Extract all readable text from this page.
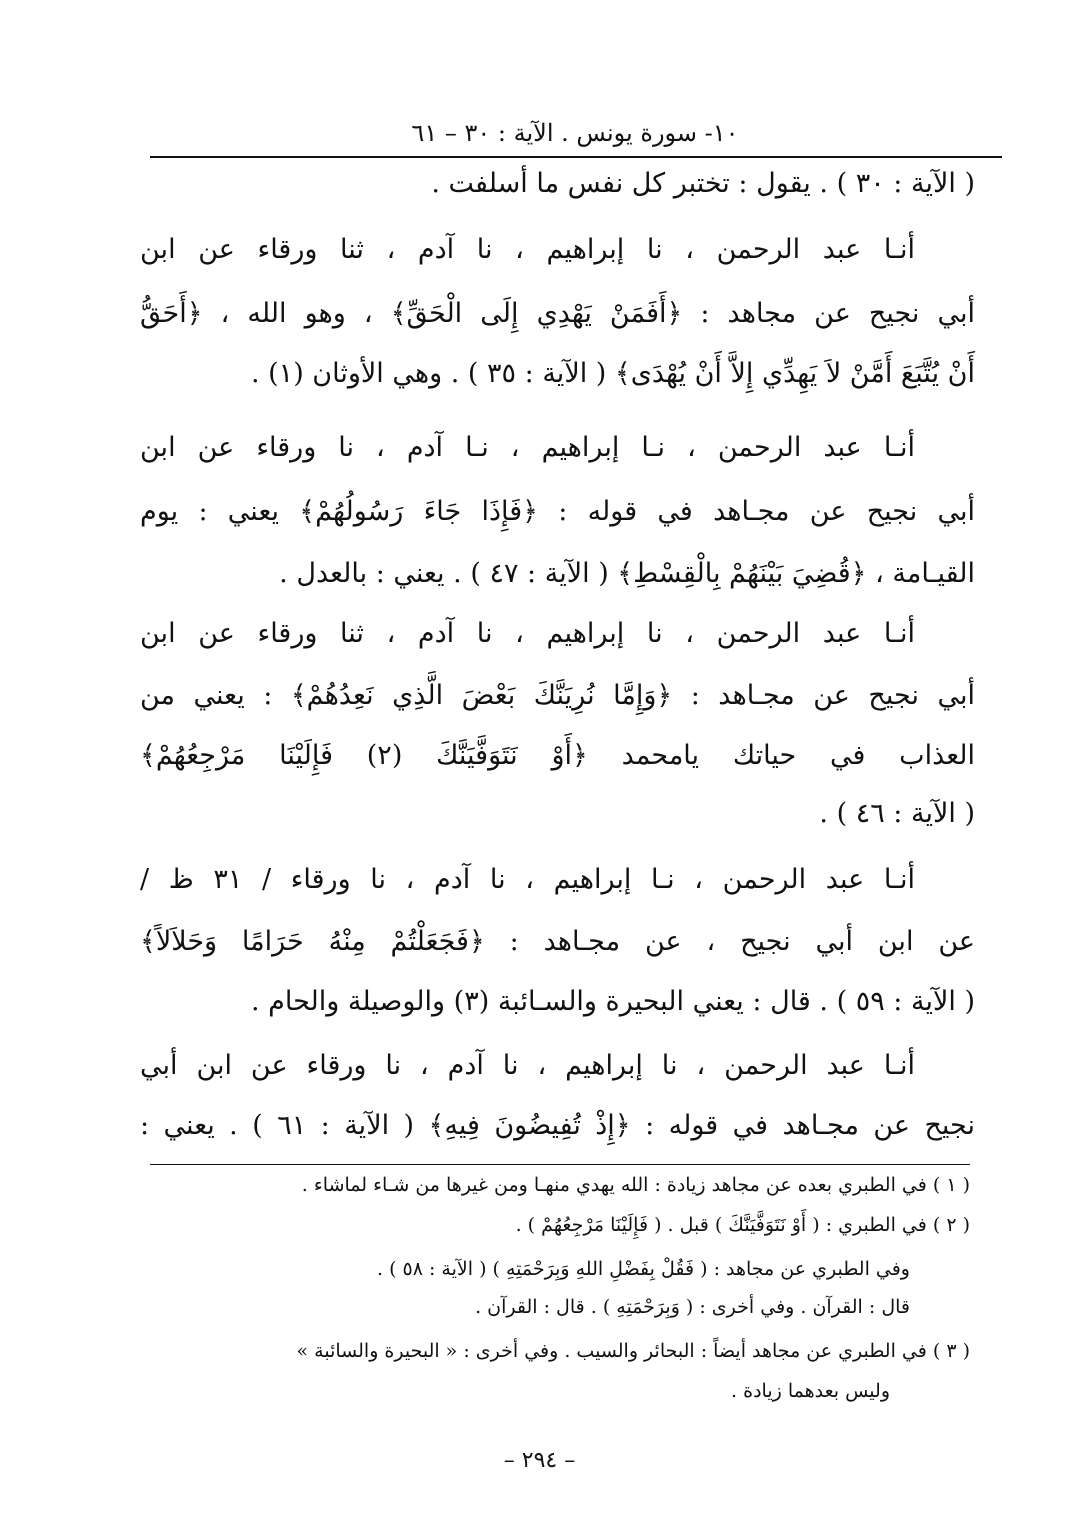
١٠- سورة يونس . الآية : ٣٠ – ٦١
( الآية : ٣٠ ) . يقول : تختبر كل نفس ما أسلفت .
أنـا عبد الرحمن ، نا إبراهيم ، نا آدم ، ثنا ورقاء عن ابن
أبي نجيح عن مجاهد : ﴿أَفَمَنْ يَهْدِي إِلَى الْحَقِّ﴾ ، وهو الله ، ﴿أَحَقُّ
أَنْ يُتَّبَعَ أَمَّنْ لاَ يَهِدِّي إِلاَّ أَنْ يُهْدَى﴾ ( الآية : ٣٥ ) . وهي الأوثان (١) .
أنـا عبد الرحمن ، نـا إبراهيم ، نـا آدم ، نا ورقاء عن ابن
أبي نجيح عن مجـاهد في قوله : ﴿فَإِذَا جَاءَ رَسُولُهُمْ﴾ يعني : يوم
القيـامة ، ﴿قُضِيَ بَيْنَهُمْ بِالْقِسْطِ﴾ ( الآية : ٤٧ ) . يعني : بالعدل .
أنـا عبد الرحمن ، نا إبراهيم ، نا آدم ، ثنا ورقاء عن ابن
أبي نجيح عن مجـاهد : ﴿وَإِمَّا نُرِيَنَّكَ بَعْضَ الَّذِي نَعِدُهُمْ﴾ : يعني من
العذاب في حياتك يامحمد ﴿أَوْ نَتَوَفَّيَنَّكَ (٢) فَإِلَيْنَا مَرْجِعُهُمْ﴾
( الآية : ٤٦ ) .
أنـا عبد الرحمن ، نـا إبراهيم ، نا آدم ، نا ورقاء / ٣١ ظ /
عن ابن أبي نجيح ، عن مجـاهد : ﴿فَجَعَلْتُمْ مِنْهُ حَرَامًا وَحَلاَلاً﴾
( الآية : ٥٩ ) . قال : يعني البحيرة والسـائبة (٣) والوصيلة والحام .
أنـا عبد الرحمن ، نا إبراهيم ، نا آدم ، نا ورقاء عن ابن أبي
نجيح عن مجـاهد في قوله : ﴿إِذْ تُفِيضُونَ فِيهِ﴾ ( الآية : ٦١ ) . يعني :
( ١ ) في الطبري بعده عن مجاهد زيادة : الله يهدي منهـا ومن غيرها من شـاء لماشاء .
( ٢ ) في الطبري : ( أَوْ نَتَوَفَّيَنَّكَ ) قبل . ( فَإِلَيْنَا مَرْجِعُهُمْ ) .
وفي الطبري عن مجاهد : ( فَقُلْ بِفَضْلِ اللهِ وَبِرَحْمَتِهِ ) ( الآية : ٥٨ ) .
قال : القرآن . وفي أخرى : ( وَبِرَحْمَتِهِ ) . قال : القرآن .
( ٣ ) في الطبري عن مجاهد أيضاً : البحائر والسيب . وفي أخرى : « البحيرة والسائبة »
وليس بعدهما زيادة .
– ٢٩٤ –
